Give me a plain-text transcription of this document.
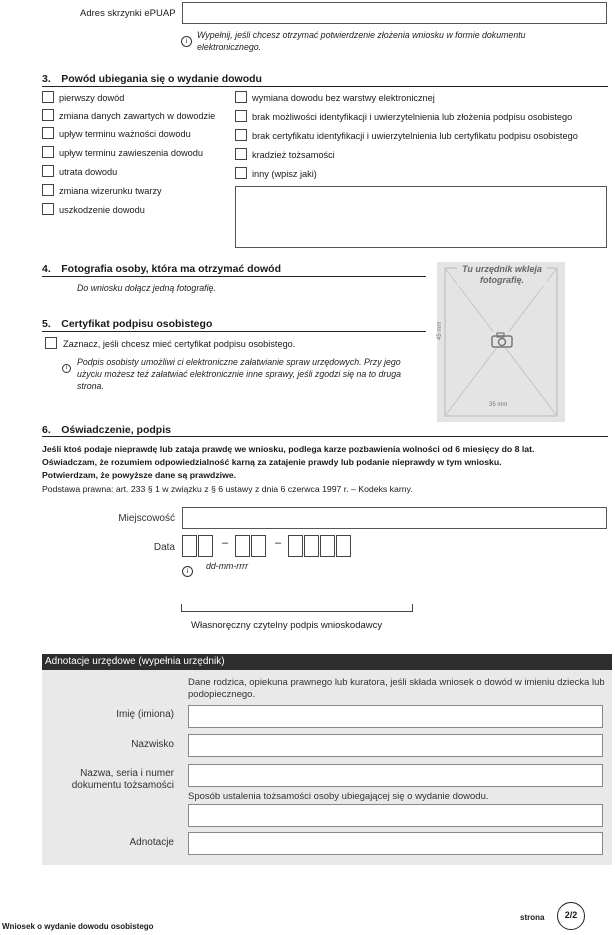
Adres skrzynki ePUAP
i
Wypełnij, jeśli chcesz otrzymać potwierdzenie złożenia wniosku w formie dokumentu elektronicznego.
3. Powód ubiegania się o wydanie dowodu
pierwszy dowód
zmiana danych zawartych w dowodzie
upływ terminu ważności dowodu
upływ terminu zawieszenia dowodu
utrata dowodu
zmiana wizerunku twarzy
uszkodzenie dowodu
wymiana dowodu bez warstwy elektronicznej
brak możliwości identyfikacji i uwierzytelnienia lub złożenia podpisu osobistego
brak certyfikatu identyfikacji i uwierzytelnienia lub certyfikatu podpisu osobistego
kradzież tożsamości
inny (wpisz jaki)
4. Fotografia osoby, która ma otrzymać dowód
Do wniosku dołącz jedną fotografię.
Tu urzędnik wkleja fotografię.
45 mm
35 mm
5. Certyfikat podpisu osobistego
Zaznacz, jeśli chcesz mieć certyfikat podpisu osobistego.
i
Podpis osobisty umożliwi ci elektroniczne załatwianie spraw urzędowych. Przy jego użyciu możesz też załatwiać elektronicznie inne sprawy, jeśli zgodzi się na to druga strona.
6. Oświadczenie, podpis
Jeśli ktoś podaje nieprawdę lub zataja prawdę we wniosku, podlega karze pozbawienia wolności od 6 miesięcy do 8 lat.
Oświadczam, że rozumiem odpowiedzialność karną za zatajenie prawdy lub podanie nieprawdy w tym wniosku.
Potwierdzam, że powyższe dane są prawdziwe.
Podstawa prawna: art. 233 § 1 w związku z § 6 ustawy z dnia 6 czerwca 1997 r. – Kodeks karny.
Miejscowość
Data	–	–
i	dd-mm-rrrr
Własnoręczny czytelny podpis wnioskodawcy
Adnotacje urzędowe (wypełnia urzędnik)
Dane rodzica, opiekuna prawnego lub kuratora, jeśli składa wniosek o dowód w imieniu dziecka lub podopiecznego.
Imię (imiona)
Nazwisko
Nazwa, seria i numer dokumentu tożsamości
Sposób ustalenia tożsamości osoby ubiegającej się o wydanie dowodu.
Adnotacje
Wniosek o wydanie dowodu osobistego
strona	2/2
